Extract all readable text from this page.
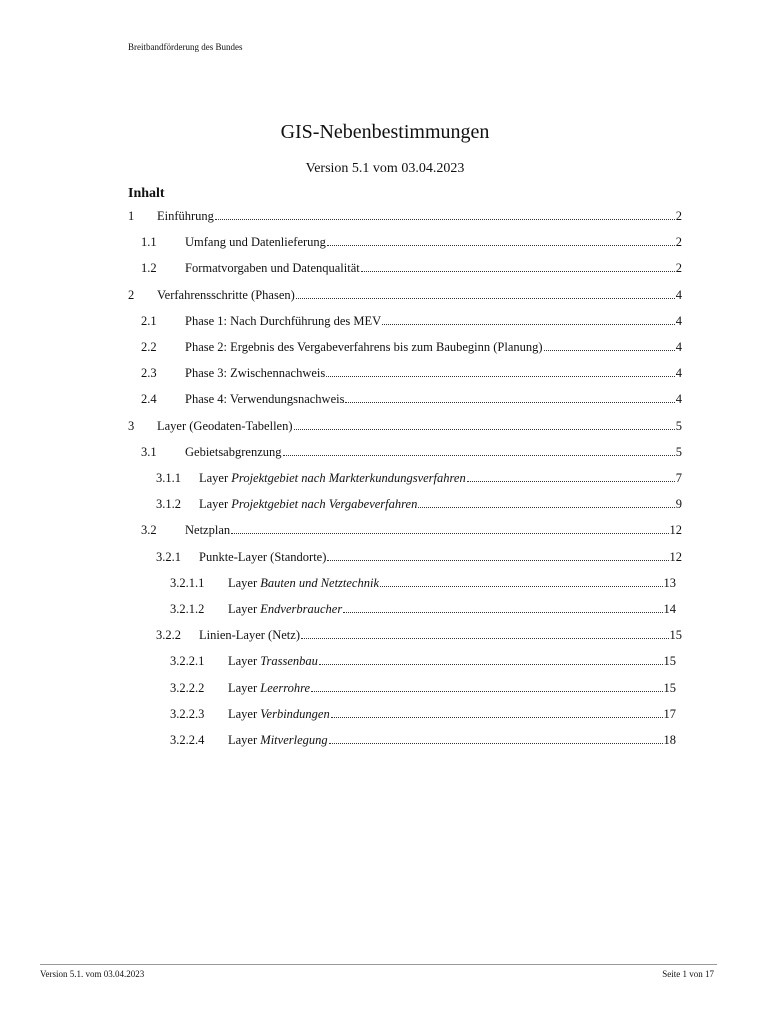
Breitbandförderung des Bundes
GIS-Nebenbestimmungen
Version 5.1 vom 03.04.2023
Inhalt
1 Einführung	2
1.1 Umfang und Datenlieferung	2
1.2 Formatvorgaben und Datenqualität	2
2 Verfahrensschritte (Phasen)	4
2.1 Phase 1: Nach Durchführung des MEV	4
2.2 Phase 2: Ergebnis des Vergabeverfahrens bis zum Baubeginn (Planung)	4
2.3 Phase 3: Zwischennachweis	4
2.4 Phase 4: Verwendungsnachweis	4
3 Layer (Geodaten-Tabellen)	5
3.1 Gebietsabgrenzung	5
3.1.1 Layer Projektgebiet nach Markterkundungsverfahren	7
3.1.2 Layer Projektgebiet nach Vergabeverfahren	9
3.2 Netzplan	12
3.2.1 Punkte-Layer (Standorte)	12
3.2.1.1 Layer Bauten und Netztechnik	13
3.2.1.2 Layer Endverbraucher	14
3.2.2 Linien-Layer (Netz)	15
3.2.2.1 Layer Trassenbau	15
3.2.2.2 Layer Leerrohre	15
3.2.2.3 Layer Verbindungen	17
3.2.2.4 Layer Mitverlegung	18
Version 5.1. vom 03.04.2023	Seite 1 von 17
